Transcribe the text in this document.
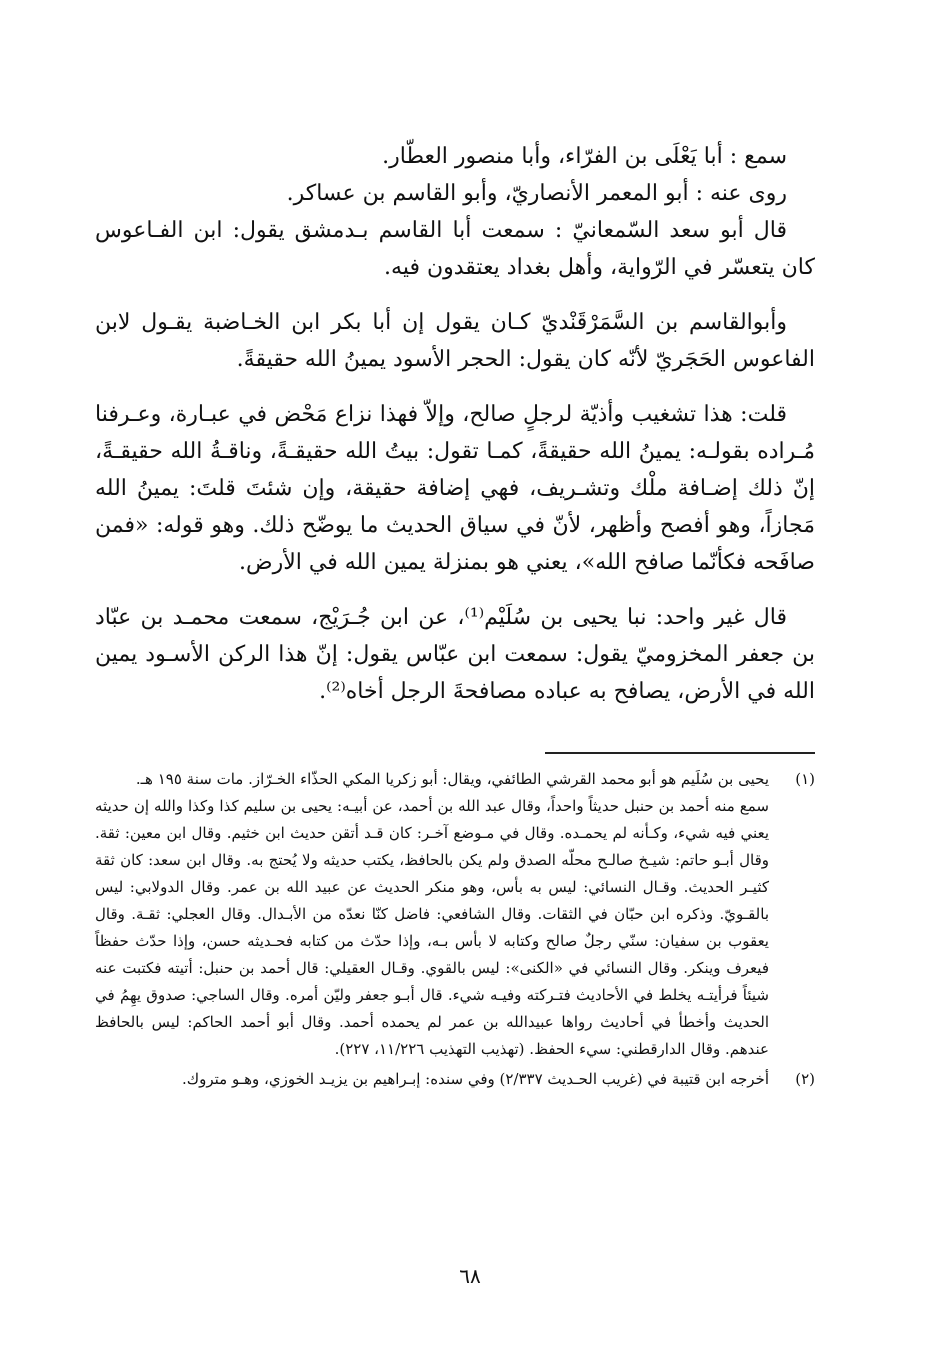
سمع : أبا يَعْلَى بن الفرّاء، وأبا منصور العطّار.

روى عنه : أبو المعمر الأنصاريّ، وأبو القاسم بن عساكر.

قال أبو سعد السّمعانيّ : سمعت أبا القاسم بـدمشق يقول: ابن الفـاعوس كان يتعسّر في الرّواية، وأهل بغداد يعتقدون فيه.

وأبوالقاسم بن السَّمَرْقَنْديّ كـان يقول إن أبا بكر ابن الخـاضبة يقـول لابن الفاعوس الحَجَريّ لأنّه كان يقول: الحجر الأسود يمينُ الله حقيقةً.

قلت: هذا تشغيب وأذيّة لرجلٍ صالح، وإلاّ فهذا نزاع مَحْض في عبـارة، وعـرفنا مُـراده بقولـه: يمينُ الله حقيقةً، كمـا تقول: بيتُ الله حقيقـةً، وناقـةُ الله حقيقـةً، إنّ ذلك إضـافة ملْك وتشـريف، فهي إضافة حقيقة، وإن شئتَ قلتَ: يمينُ الله مَجازاً، وهو أفصح وأظهر، لأنّ في سياق الحديث ما يوضّح ذلك. وهو قوله: «فمن صافَحه فكأنّما صافح الله»، يعني هو بمنزلة يمين الله في الأرض.

قال غير واحد: نبا يحيى بن سُلَيْم⁽¹⁾، عن ابن جُـرَيْج، سمعت محمـد بن عبّاد بن جعفر المخزوميّ يقول: سمعت ابن عبّاس يقول: إنّ هذا الركن الأسـود يمين الله في الأرض، يصافح به عباده مصافحةَ الرجل أخاه⁽²⁾.

(١)

يحيى بن سُلَيم هو أبو محمد القرشي الطائفي، ويقال: أبو زكريا المكي الحذّاء الخـرّاز. مات سنة ١٩٥ هـ.

سمع منه أحمد بن حنبل حديثاً واحداً، وقال عبد الله بن أحمد، عن أبيـه: يحيى بن سليم كذا وكذا والله إن حديثه يعني فيه شيء، وكـأنه لم يحمـده. وقال في مـوضع آخـر: كان قـد أتقن حديث ابن خثيم. وقال ابن معين: ثقة. وقال أبـو حاتم: شيـخ صالـح محلّه الصدق ولم يكن بالحافظ، يكتب حديثه ولا يُحتج به. وقال ابن سعد: كان ثقة كثيـر الحديث. وقـال النسائي: ليس به بأس، وهو منكر الحديث عن عبيد الله بن عمر. وقال الدولابي: ليس بالقـويّ. وذكره ابن حبّان في الثقات. وقال الشافعي: فاضل كنّا نعدّه من الأبـدال. وقال العجلي: ثقـة. وقال يعقوب بن سفيان: سنّي رجلٌ صالح وكتابه لا بأس بـه، وإذا حدّث من كتابه فحـديثه حسن، وإذا حدّث حفظاً فيعرف وينكر. وقال النسائي في «الكنى»: ليس بالقوي. وقـال العقيلي: قال أحمد بن حنبل: أتيته فكتبت عنه شيئاً فرأيتـه يخلط في الأحاديث فتـركته وفيـه شيء. قال أبـو جعفر وليّن أمره. وقال الساجي: صدوق يهِمُ في الحديث وأخطأ في أحاديث رواها عبيدالله بن عمر لم يحمده أحمد. وقال أبو أحمد الحاكم: ليس بالحافظ عندهم. وقال الدارقطني: سيء الحفظ. (تهذيب التهذيب ١١/٢٢٦، ٢٢٧).

(٢)

أخرجه ابن قتيبة في (غريب الحـديث ٢/٣٣٧) وفي سنده: إبـراهيم بن يزيـد الخوزي، وهـو متروك.

٦٨
